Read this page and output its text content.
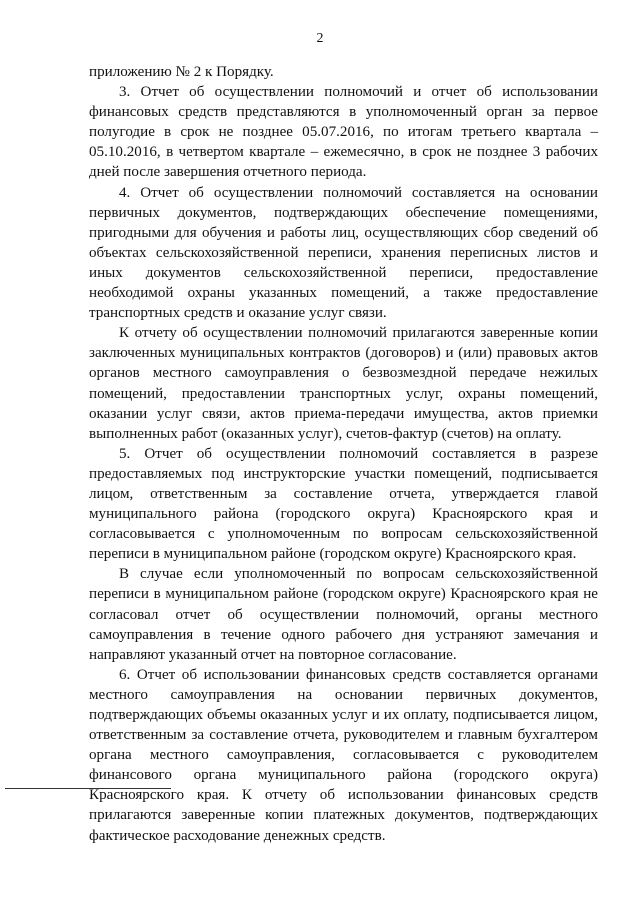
2

приложению № 2 к Порядку.

3. Отчет об осуществлении полномочий и отчет об использовании финансовых средств представляются в уполномоченный орган за первое полугодие в срок не позднее 05.07.2016, по итогам третьего квартала – 05.10.2016, в четвертом квартале – ежемесячно, в срок не позднее 3 рабочих дней после завершения отчетного периода.

4. Отчет об осуществлении полномочий составляется на основании первичных документов, подтверждающих обеспечение помещениями, пригодными для обучения и работы лиц, осуществляющих сбор сведений об объектах сельскохозяйственной переписи, хранения переписных листов и иных документов сельскохозяйственной переписи, предоставление необходимой охраны указанных помещений, а также предоставление транспортных средств и оказание услуг связи.

К отчету об осуществлении полномочий прилагаются заверенные копии заключенных муниципальных контрактов (договоров) и (или) правовых актов органов местного самоуправления о безвозмездной передаче нежилых помещений, предоставлении транспортных услуг, охраны помещений, оказании услуг связи, актов приема-передачи имущества, актов приемки выполненных работ (оказанных услуг), счетов-фактур (счетов) на оплату.

5. Отчет об осуществлении полномочий составляется в разрезе предоставляемых под инструкторские участки помещений, подписывается лицом, ответственным за составление отчета, утверждается главой муниципального района (городского округа) Красноярского края и согласовывается с уполномоченным по вопросам сельскохозяйственной переписи в муниципальном районе (городском округе) Красноярского края.

В случае если уполномоченный по вопросам сельскохозяйственной переписи в муниципальном районе (городском округе) Красноярского края не согласовал отчет об осуществлении полномочий, органы местного самоуправления в течение одного рабочего дня устраняют замечания и направляют указанный отчет на повторное согласование.

6. Отчет об использовании финансовых средств составляется органами местного самоуправления на основании первичных документов, подтверждающих объемы оказанных услуг и их оплату, подписывается лицом, ответственным за составление отчета, руководителем и главным бухгалтером органа местного самоуправления, согласовывается с руководителем финансового органа муниципального района (городского округа) Красноярского края. К отчету об использовании финансовых средств прилагаются заверенные копии платежных документов, подтверждающих фактическое расходование денежных средств.
